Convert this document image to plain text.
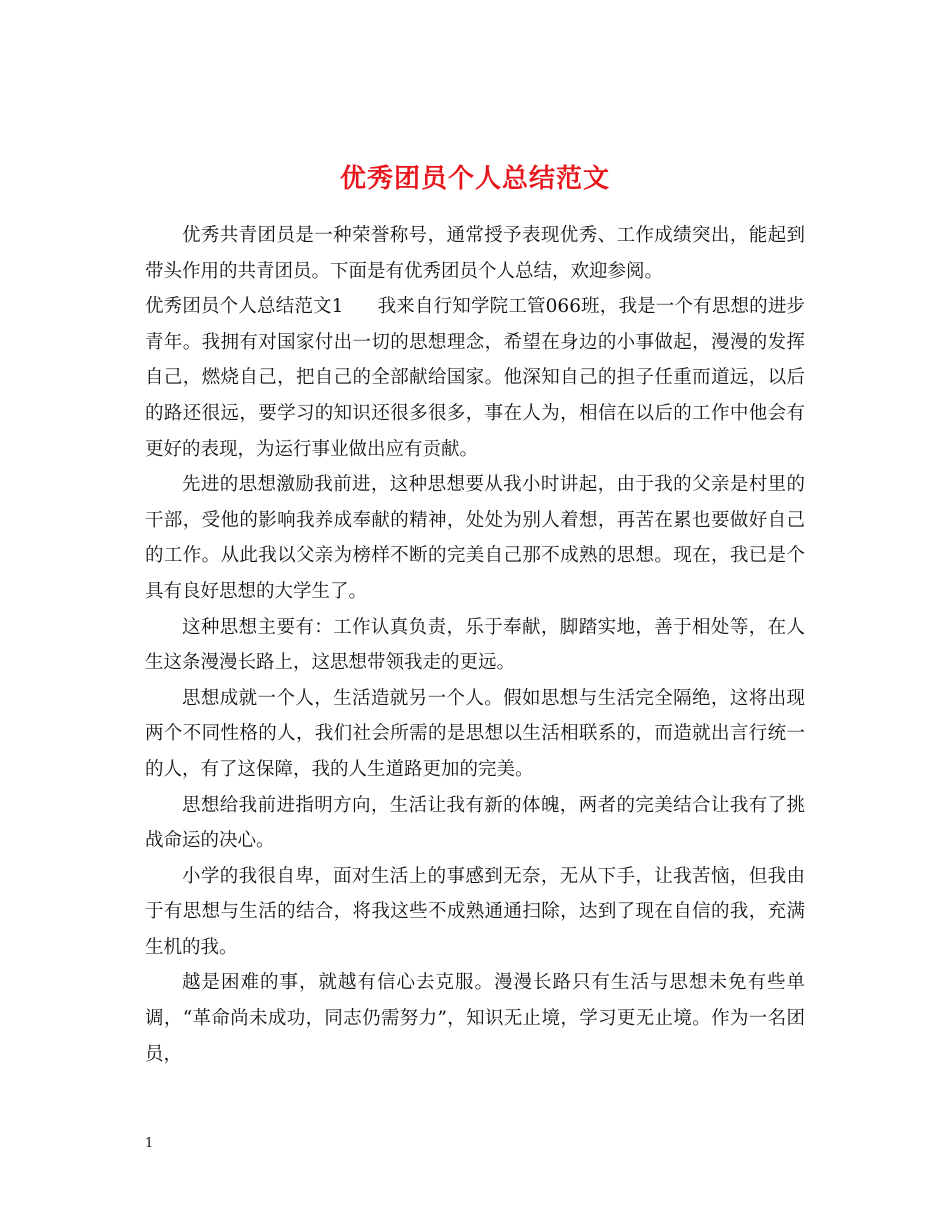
优秀团员个人总结范文

优秀共青团员是一种荣誉称号，通常授予表现优秀、工作成绩突出，能起到带头作用的共青团员。下面是有优秀团员个人总结，欢迎参阅。

优秀团员个人总结范文1 我来自行知学院工管066班，我是一个有思想的进步青年。我拥有对国家付出一切的思想理念，希望在身边的小事做起，漫漫的发挥自己，燃烧自己，把自己的全部献给国家。他深知自己的担子任重而道远，以后的路还很远，要学习的知识还很多很多，事在人为，相信在以后的工作中他会有更好的表现，为运行事业做出应有贡献。

先进的思想激励我前进，这种思想要从我小时讲起，由于我的父亲是村里的干部，受他的影响我养成奉献的精神，处处为别人着想，再苦在累也要做好自己的工作。从此我以父亲为榜样不断的完美自己那不成熟的思想。现在，我已是个具有良好思想的大学生了。

这种思想主要有：工作认真负责，乐于奉献，脚踏实地，善于相处等，在人生这条漫漫长路上，这思想带领我走的更远。

思想成就一个人，生活造就另一个人。假如思想与生活完全隔绝，这将出现两个不同性格的人，我们社会所需的是思想以生活相联系的，而造就出言行统一的人，有了这保障，我的人生道路更加的完美。

思想给我前进指明方向，生活让我有新的体魄，两者的完美结合让我有了挑战命运的决心。

小学的我很自卑，面对生活上的事感到无奈，无从下手，让我苦恼，但我由于有思想与生活的结合，将我这些不成熟通通扫除，达到了现在自信的我，充满生机的我。

越是困难的事，就越有信心去克服。漫漫长路只有生活与思想未免有些单调，“革命尚未成功，同志仍需努力”，知识无止境，学习更无止境。作为一名团员，

1
